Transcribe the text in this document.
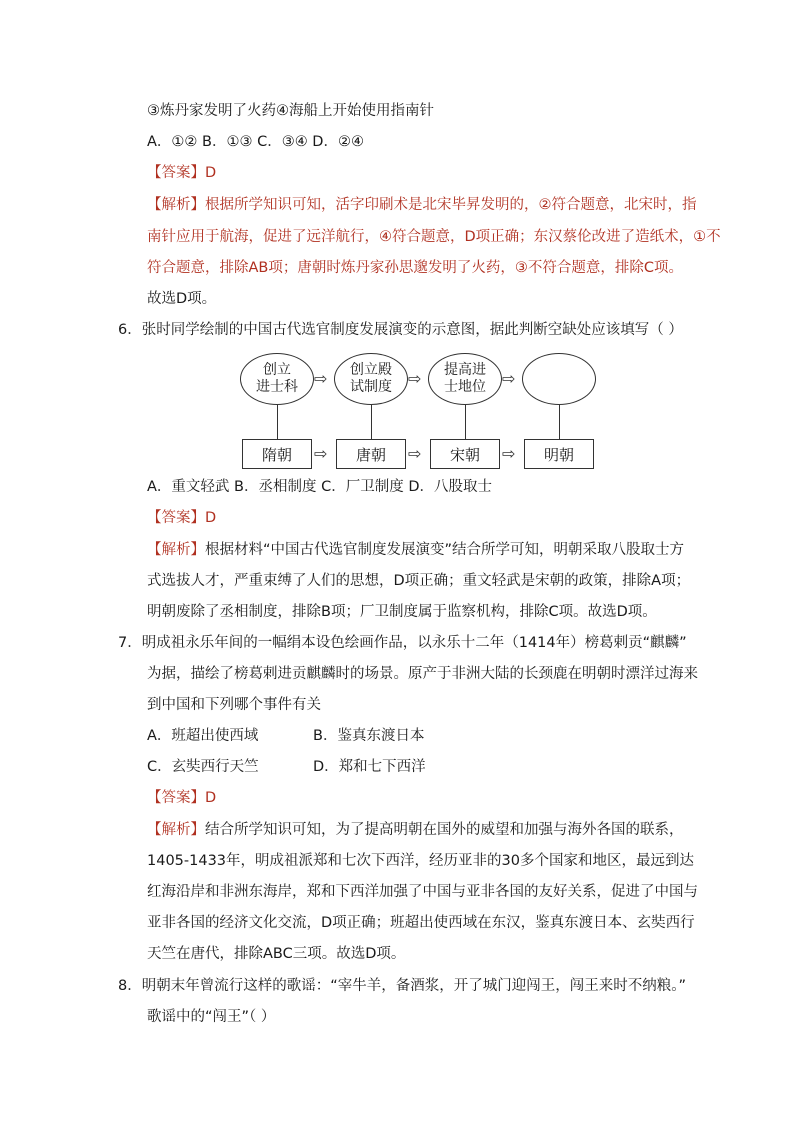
③炼丹家发明了火药④海船上开始使用指南针
A．①② B．①③ C．③④ D．②④
【答案】D
【解析】根据所学知识可知，活字印刷术是北宋毕昇发明的，②符合题意，北宋时，指
南针应用于航海，促进了远洋航行，④符合题意，D项正确；东汉蔡伦改进了造纸术，①不
符合题意，排除AB项；唐朝时炼丹家孙思邈发明了火药，③不符合题意，排除C项。
故选D项。
6．张时同学绘制的中国古代选官制度发展演变的示意图，据此判断空缺处应该填写（ ）
创立
进士科
创立殿
试制度
提高进
士地位
⇨	⇨	⇨
隋朝	唐朝	宋朝	明朝
⇨	⇨	⇨
A．重文轻武 B．丞相制度 C．厂卫制度 D．八股取士
【答案】D
【解析】根据材料“中国古代选官制度发展演变”结合所学可知，明朝采取八股取士方
式选拔人才，严重束缚了人们的思想，D项正确；重文轻武是宋朝的政策，排除A项；
明朝废除了丞相制度，排除B项；厂卫制度属于监察机构，排除C项。故选D项。
7．明成祖永乐年间的一幅绢本设色绘画作品，以永乐十二年（1414年）榜葛剌贡“麒麟”
为据，描绘了榜葛剌进贡麒麟时的场景。原产于非洲大陆的长颈鹿在明朝时漂洋过海来
到中国和下列哪个事件有关
A．班超出使西域	B．鉴真东渡日本
C．玄奘西行天竺	D．郑和七下西洋
【答案】D
【解析】结合所学知识可知，为了提高明朝在国外的威望和加强与海外各国的联系，
1405-1433年，明成祖派郑和七次下西洋，经历亚非的30多个国家和地区，最远到达
红海沿岸和非洲东海岸，郑和下西洋加强了中国与亚非各国的友好关系，促进了中国与
亚非各国的经济文化交流，D项正确；班超出使西域在东汉，鉴真东渡日本、玄奘西行
天竺在唐代，排除ABC三项。故选D项。
8．明朝末年曾流行这样的歌谣：“宰牛羊，备酒浆，开了城门迎闯王，闯王来时不纳粮。”
歌谣中的“闯王”（ ）
